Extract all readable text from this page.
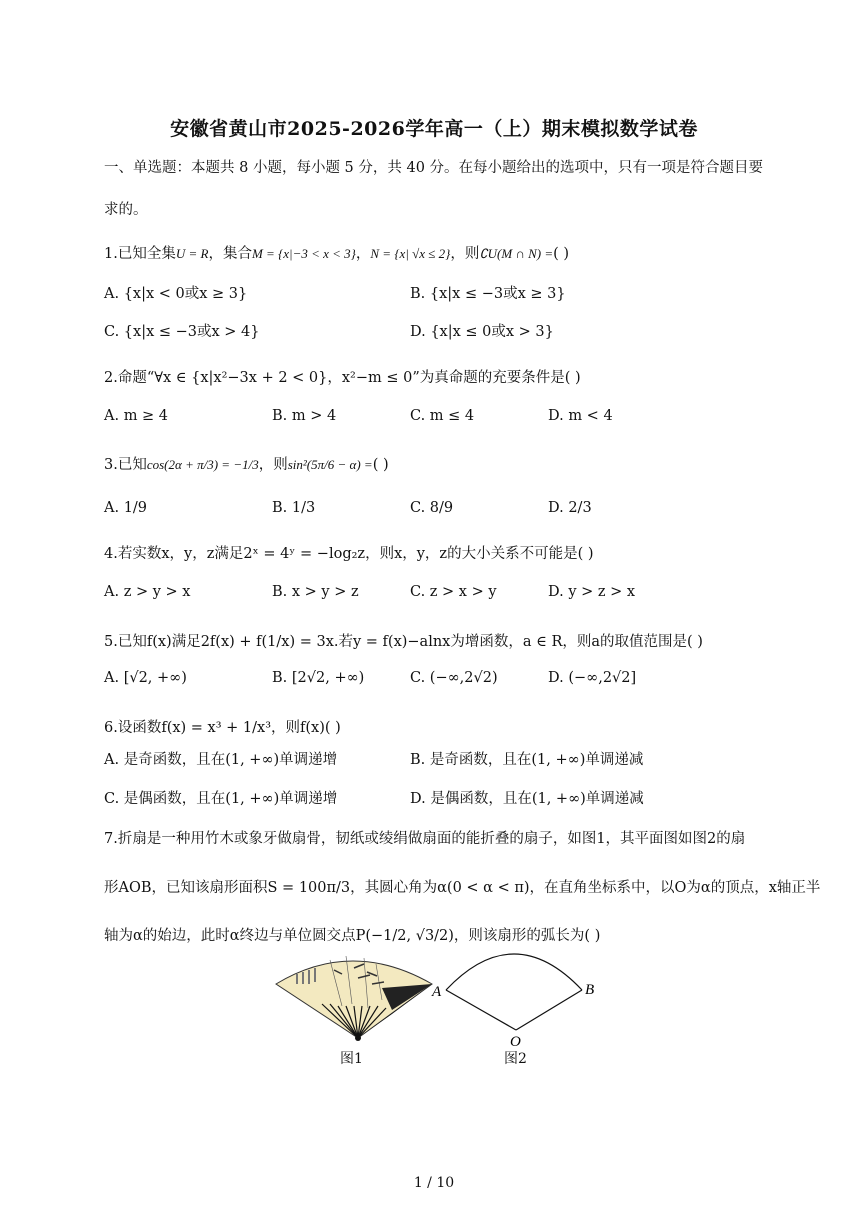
安徽省黄山市2025-2026学年高一（上）期末模拟数学试卷
一、单选题：本题共 8 小题，每小题 5 分，共 40 分。在每小题给出的选项中，只有一项是符合题目要
求的。
1.已知全集U = R，集合M = {x|−3 < x < 3}，N = {x| √x ≤ 2}，则∁U(M ∩ N) =( )
A. {x|x < 0或x ≥ 3}	B. {x|x ≤ −3或x ≥ 3}
C. {x|x ≤ −3或x > 4}	D. {x|x ≤ 0或x > 3}
2.命题“∀x ∈ {x|x²−3x + 2 < 0}，x²−m ≤ 0”为真命题的充要条件是( )
A. m ≥ 4	B. m > 4	C. m ≤ 4	D. m < 4
3.已知cos(2α + π/3) = −1/3，则sin²(5π/6 − α) =( )
A. 1/9	B. 1/3	C. 8/9	D. 2/3
4.若实数x，y，z满足2ˣ = 4ʸ = −log₂z，则x，y，z的大小关系不可能是( )
A. z > y > x	B. x > y > z	C. z > x > y	D. y > z > x
5.已知f(x)满足2f(x) + f(1/x) = 3x.若y = f(x)−alnx为增函数，a ∈ R，则a的取值范围是( )
A. [√2, +∞)	B. [2√2, +∞)	C. (−∞,2√2)	D. (−∞,2√2]
6.设函数f(x) = x³ + 1/x³，则f(x)( )
A. 是奇函数，且在(1, +∞)单调递增	B. 是奇函数，且在(1, +∞)单调递减
C. 是偶函数，且在(1, +∞)单调递增	D. 是偶函数，且在(1, +∞)单调递减
7.折扇是一种用竹木或象牙做扇骨，韧纸或绫绢做扇面的能折叠的扇子，如图1，其平面图如图2的扇
形AOB，已知该扇形面积S = 100π/3，其圆心角为α(0 < α < π)，在直角坐标系中，以O为α的顶点，x轴正半
轴为α的始边，此时α终边与单位圆交点P(−1/2, √3/2)，则该扇形的弧长为( )
A	B
O
图1	图2
1 / 10
